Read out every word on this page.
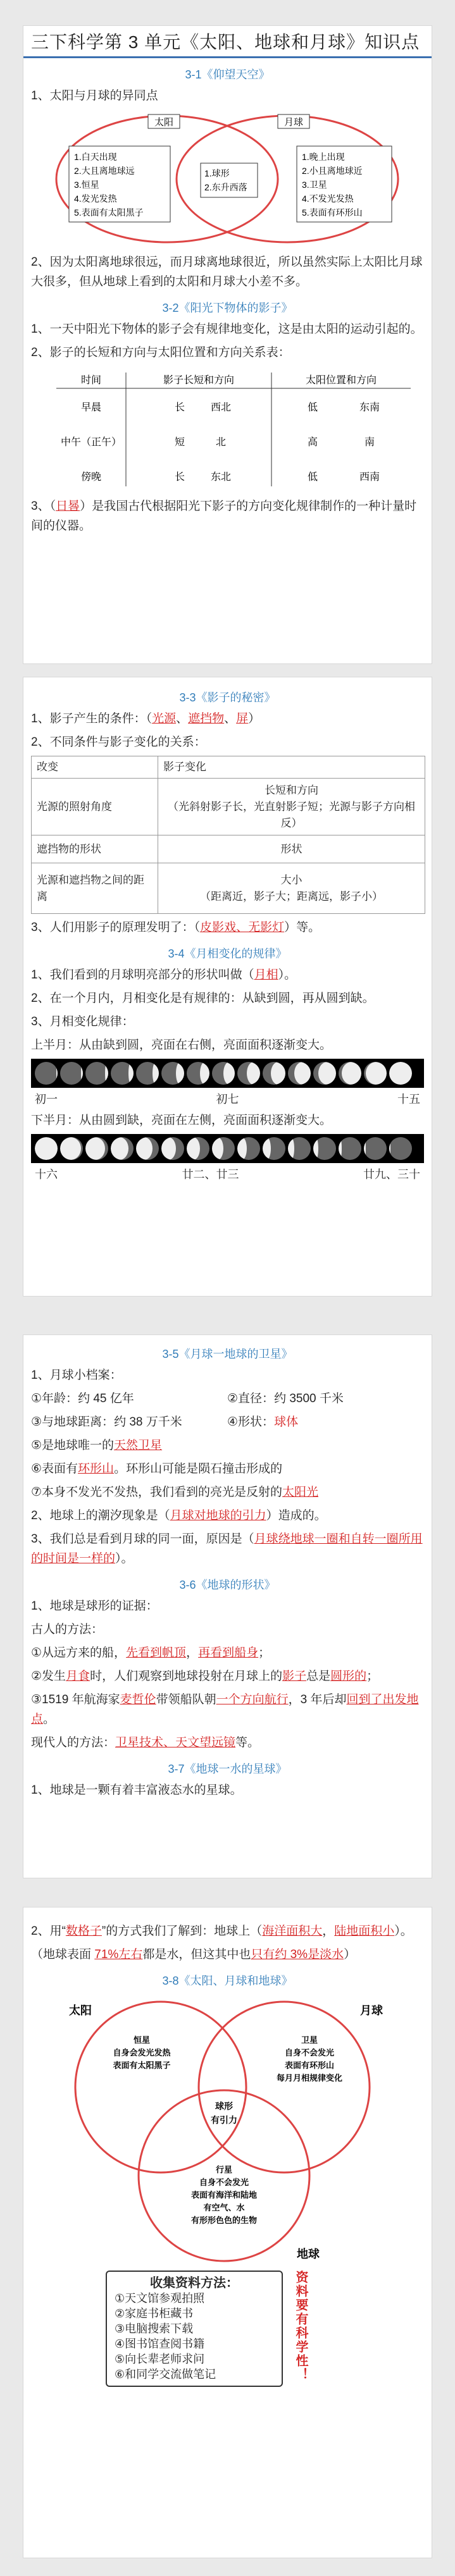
三下科学第 3 单元《太阳、地球和月球》知识点
3-1《仰望天空》
1、太阳与月球的异同点
太阳	月球
1.白天出现
2.大且离地球远
3.恒星
4.发光发热
5.表面有太阳黑子
1.球形
2.东升西落
1.晚上出现
2.小且离地球近
3.卫星
4.不发光发热
5.表面有环形山
2、因为太阳离地球很远，而月球离地球很近，所以虽然实际上太阳比月球大很多，但从地球上看到的太阳和月球大小差不多。
3-2《阳光下物体的影子》
1、一天中阳光下物体的影子会有规律地变化，这是由太阳的运动引起的。
2、影子的长短和方向与太阳位置和方向关系表：
时间	影子长短和方向	太阳位置和方向
早晨	长	西北	低	东南
中午（正午）	短	北	高	南
傍晚	长	东北	低	西南
3、（日晷）是我国古代根据阳光下影子的方向变化规律制作的一种计量时间的仪器。
3-3《影子的秘密》
1、影子产生的条件：（光源、遮挡物、屏）
2、不同条件与影子变化的关系：
改变	影子变化
光源的照射角度	长短和方向
（光斜射影子长，光直射影子短；光源与影子方向相反）
遮挡物的形状	形状
光源和遮挡物之间的距离	大小
（距离近，影子大；距离远，影子小）
3、人们用影子的原理发明了：（皮影戏、无影灯）等。
3-4《月相变化的规律》
1、我们看到的月球明亮部分的形状叫做（月相）。
2、在一个月内，月相变化是有规律的：从缺到圆，再从圆到缺。
3、月相变化规律：
上半月：从由缺到圆，亮面在右侧，亮面面积逐渐变大。
初一	初七	十五
下半月：从由圆到缺，亮面在左侧，亮面面积逐渐变大。
十六	廿二、廿三	廿九、三十
3-5《月球一地球的卫星》
1、月球小档案：
①年龄：约 45 亿年	②直径：约 3500 千米
③与地球距离：约 38 万千米	④形状：球体
⑤是地球唯一的天然卫星
⑥表面有环形山。环形山可能是陨石撞击形成的
⑦本身不发光不发热，我们看到的亮光是反射的太阳光
2、地球上的潮汐现象是（月球对地球的引力）造成的。
3、我们总是看到月球的同一面，原因是（月球绕地球一圈和自转一圈所用的时间是一样的）。
3-6《地球的形状》
1、地球是球形的证据：
古人的方法：
①从远方来的船，先看到帆顶，再看到船身；
②发生月食时，人们观察到地球投射在月球上的影子总是圆形的；
③1519 年航海家麦哲伦带领船队朝一个方向航行，3 年后却回到了出发地点。
现代人的方法：卫星技术、天文望远镜等。
3-7《地球一水的星球》
1、地球是一颗有着丰富液态水的星球。
2、用“数格子”的方式我们了解到：地球上（海洋面积大，陆地面积小）。
（地球表面 71%左右都是水，但这其中也只有约 3%是淡水）
3-8《太阳、月球和地球》
太阳	月球
地球
恒星
自身会发光发热
表面有太阳黑子
卫星
自身不会发光
表面有环形山
每月月相规律变化
球形
有引力
行星
自身不会发光
表面有海洋和陆地
有空气、水
有形形色色的生物
收集资料方法：
①天文馆参观拍照
②家庭书柜藏书
③电脑搜索下载
④图书馆查阅书籍
⑤向长辈老师求问
⑥和同学交流做笔记	资料要有科学性！
